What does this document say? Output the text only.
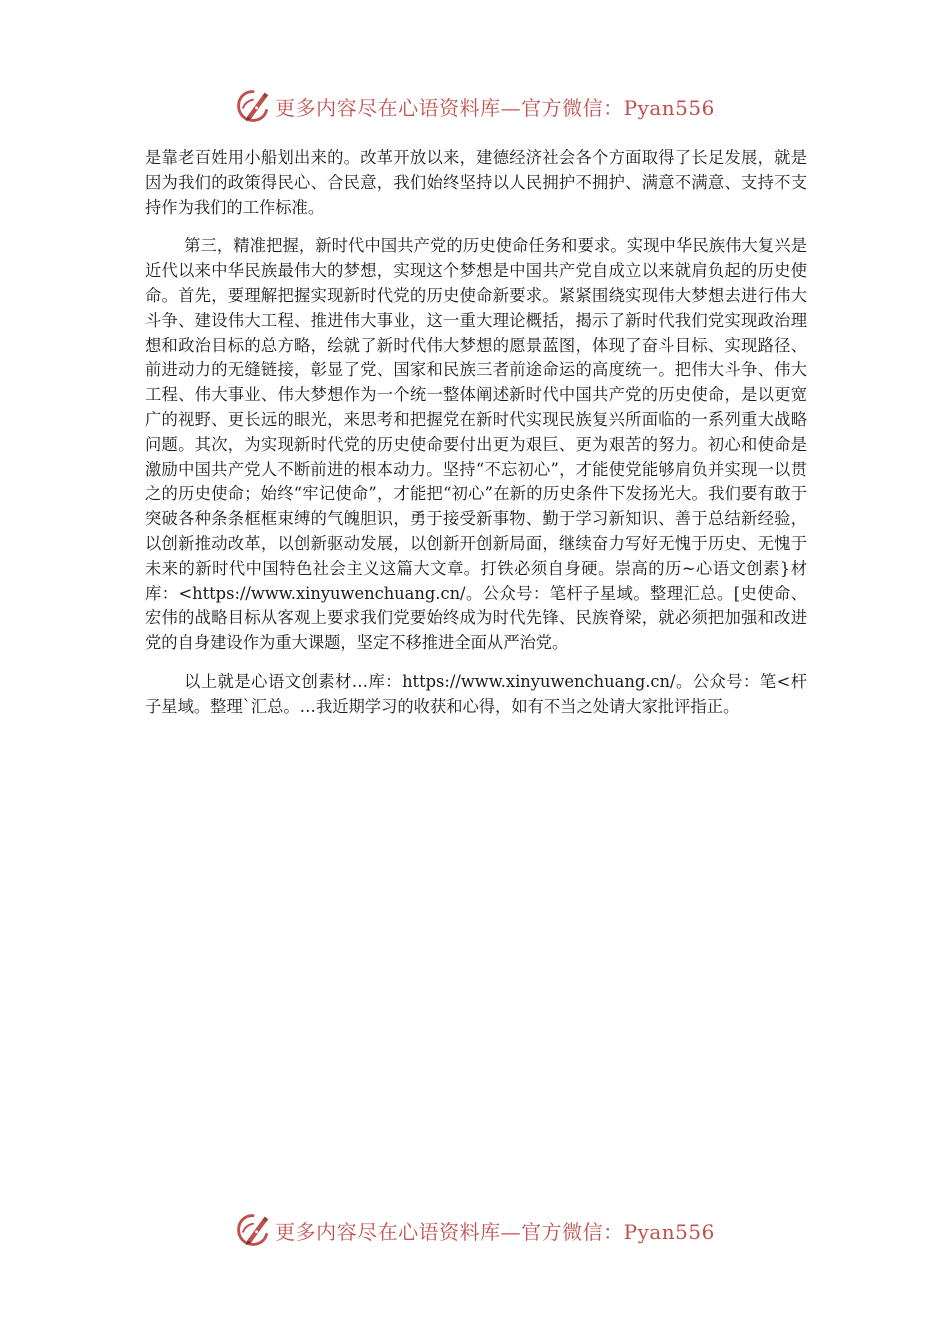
更多内容尽在心语资料库—官方微信：Pyan556

是靠老百姓用小船划出来的。改革开放以来，建德经济社会各个方面取得了长足发展，就是因为我们的政策得民心、合民意，我们始终坚持以人民拥护不拥护、满意不满意、支持不支持作为我们的工作标准。

第三，精准把握，新时代中国共产党的历史使命任务和要求。实现中华民族伟大复兴是近代以来中华民族最伟大的梦想，实现这个梦想是中国共产党自成立以来就肩负起的历史使命。首先，要理解把握实现新时代党的历史使命新要求。紧紧围绕实现伟大梦想去进行伟大斗争、建设伟大工程、推进伟大事业，这一重大理论概括，揭示了新时代我们党实现政治理想和政治目标的总方略，绘就了新时代伟大梦想的愿景蓝图，体现了奋斗目标、实现路径、前进动力的无缝链接，彰显了党、国家和民族三者前途命运的高度统一。把伟大斗争、伟大工程、伟大事业、伟大梦想作为一个统一整体阐述新时代中国共产党的历史使命，是以更宽广的视野、更长远的眼光，来思考和把握党在新时代实现民族复兴所面临的一系列重大战略问题。其次，为实现新时代党的历史使命要付出更为艰巨、更为艰苦的努力。初心和使命是激励中国共产党人不断前进的根本动力。坚持“不忘初心”，才能使党能够肩负并实现一以贯之的历史使命；始终“牢记使命”，才能把“初心”在新的历史条件下发扬光大。我们要有敢于突破各种条条框框束缚的气魄胆识，勇于接受新事物、勤于学习新知识、善于总结新经验，以创新推动改革，以创新驱动发展，以创新开创新局面，继续奋力写好无愧于历史、无愧于未来的新时代中国特色社会主义这篇大文章。打铁必须自身硬。崇高的历~心语文创素}材库：<https://www.xinyuwenchuang.cn/。公众号：笔杆子星域。整理汇总。[史使命、宏伟的战略目标从客观上要求我们党要始终成为时代先锋、民族脊梁，就必须把加强和改进党的自身建设作为重大课题，坚定不移推进全面从严治党。

以上就是心语文创素材…库：https://www.xinyuwenchuang.cn/。公众号：笔<杆子星域。整理`汇总。…我近期学习的收获和心得，如有不当之处请大家批评指正。

更多内容尽在心语资料库—官方微信：Pyan556
